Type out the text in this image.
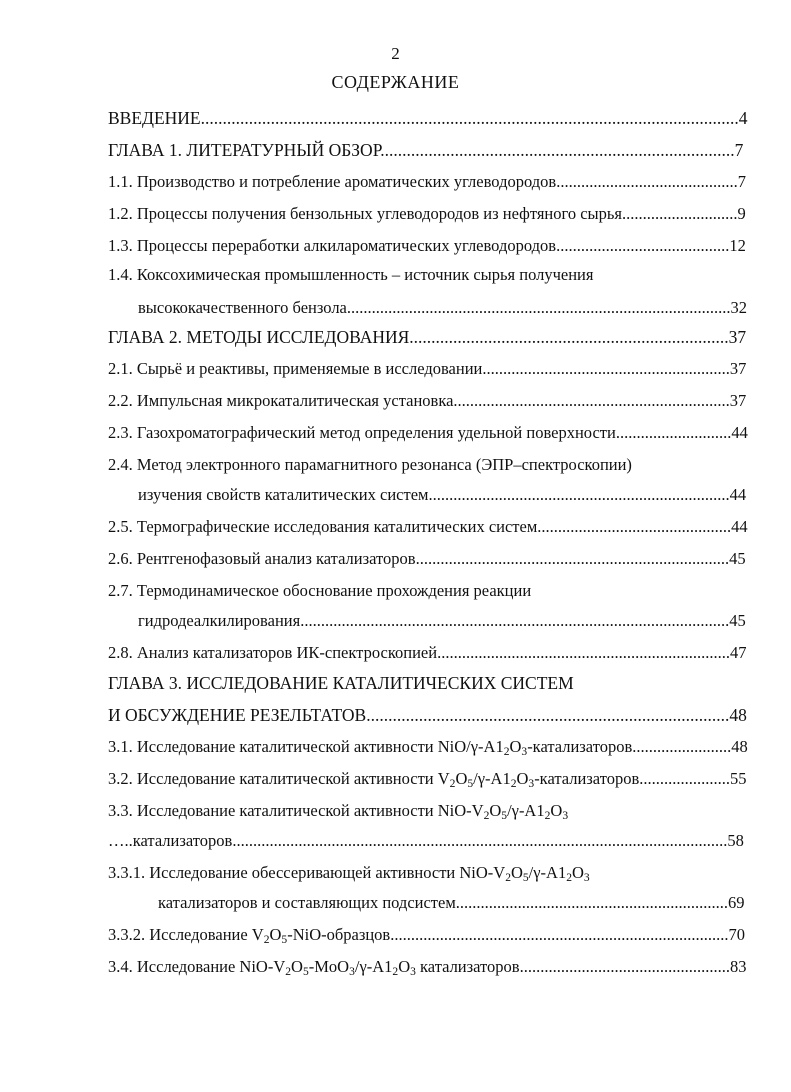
2
СОДЕРЖАНИЕ
ВВЕДЕНИЕ...........................................................................................................................4
ГЛАВА 1. ЛИТЕРАТУРНЫЙ ОБЗОР.................................................................................7
1.1. Производство и потребление ароматических углеводородов............................................7
1.2. Процессы получения бензольных углеводородов из нефтяного сырья............................9
1.3. Процессы переработки алкилароматических углеводородов..........................................12
1.4. Коксохимическая промышленность – источник сырья получения
высококачественного бензола.............................................................................................32
ГЛАВА 2. МЕТОДЫ ИССЛЕДОВАНИЯ.........................................................................37
2.1. Сырьё и реактивы, применяемые в исследовании............................................................37
2.2. Импульсная микрокаталитическая установка...................................................................37
2.3. Газохроматографический метод определения удельной поверхности............................44
2.4. Метод электронного парамагнитного резонанса (ЭПР–спектроскопии)
изучения свойств каталитических систем.........................................................................44
2.5. Термографические исследования каталитических систем...............................................44
2.6. Рентгенофазовый анализ катализаторов............................................................................45
2.7. Термодинамическое обоснование прохождения реакции
гидродеалкилирования........................................................................................................45
2.8. Анализ катализаторов ИК-спектроскопией.......................................................................47
ГЛАВА 3. ИССЛЕДОВАНИЕ КАТАЛИТИЧЕСКИХ СИСТЕМ
И ОБСУЖДЕНИЕ РЕЗЕЛЬТАТОВ...................................................................................48
3.1. Исследование каталитической активности NiO/$\gamma-A1_2O_3-катализаторов........................48$
3.2. Исследование каталитической активности $V_2O_5/\gamma-A1_2O_3-катализаторов......................55$
3.3. Исследование каталитической активности NiO-$V_2O_5/\gamma-A1_2O_3$
…..катализаторов........................................................................................................................58
3.3.1. Исследование обессеривающей активности NiO-$V_2O_5/\gamma-A1_2O_3$
катализаторов и составляющих подсистем..................................................................69
3.3.2. Исследование $V_2O_5-NiO-образцов..................................................................................70$
3.4. Исследование NiO-$V_2O_5-MoO_3/\gamma-A1_2O_3$ катализаторов...................................................83
